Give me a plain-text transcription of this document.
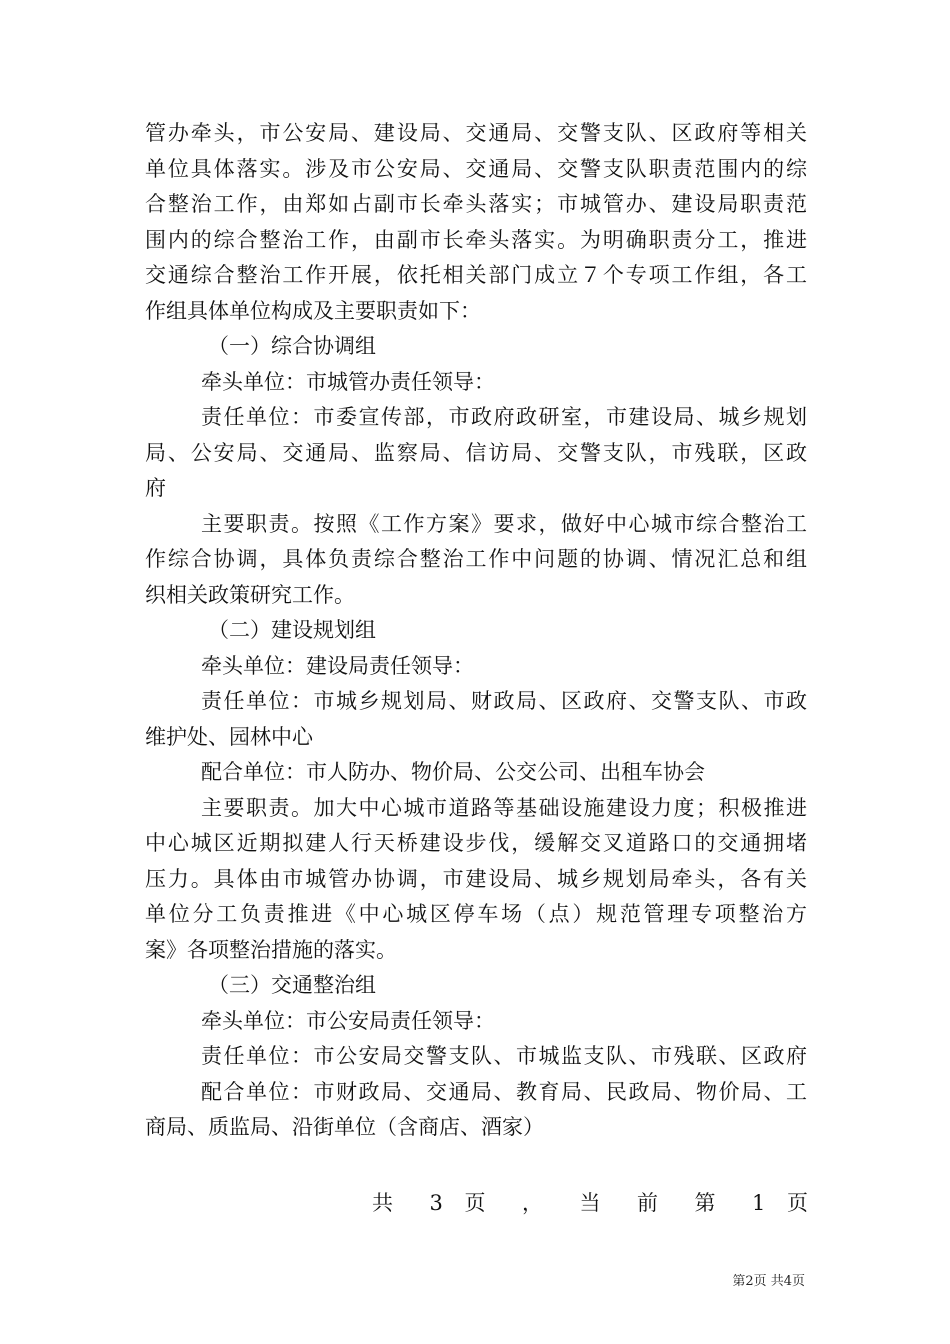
管办牵头，市公安局、建设局、交通局、交警支队、区政府等相关
单位具体落实。涉及市公安局、交通局、交警支队职责范围内的综
合整治工作，由郑如占副市长牵头落实；市城管办、建设局职责范
围内的综合整治工作，由副市长牵头落实。为明确职责分工，推进
交通综合整治工作开展，依托相关部门成立７个专项工作组，各工
作组具体单位构成及主要职责如下：
（一）综合协调组
牵头单位：市城管办责任领导：
责任单位：市委宣传部，市政府政研室，市建设局、城乡规划
局、公安局、交通局、监察局、信访局、交警支队，市残联，区政
府
主要职责。按照《工作方案》要求，做好中心城市综合整治工
作综合协调，具体负责综合整治工作中问题的协调、情况汇总和组
织相关政策研究工作。
（二）建设规划组
牵头单位：建设局责任领导：
责任单位：市城乡规划局、财政局、区政府、交警支队、市政
维护处、园林中心
配合单位：市人防办、物价局、公交公司、出租车协会
主要职责。加大中心城市道路等基础设施建设力度；积极推进
中心城区近期拟建人行天桥建设步伐，缓解交叉道路口的交通拥堵
压力。具体由市城管办协调，市建设局、城乡规划局牵头，各有关
单位分工负责推进《中心城区停车场（点）规范管理专项整治方
案》各项整治措施的落实。
（三）交通整治组
牵头单位：市公安局责任领导：
责任单位：市公安局交警支队、市城监支队、市残联、区政府
配合单位：市财政局、交通局、教育局、民政局、物价局、工
商局、质监局、沿街单位（含商店、酒家）
共 3 页 ， 当 前 第 1 页
第2页 共4页
